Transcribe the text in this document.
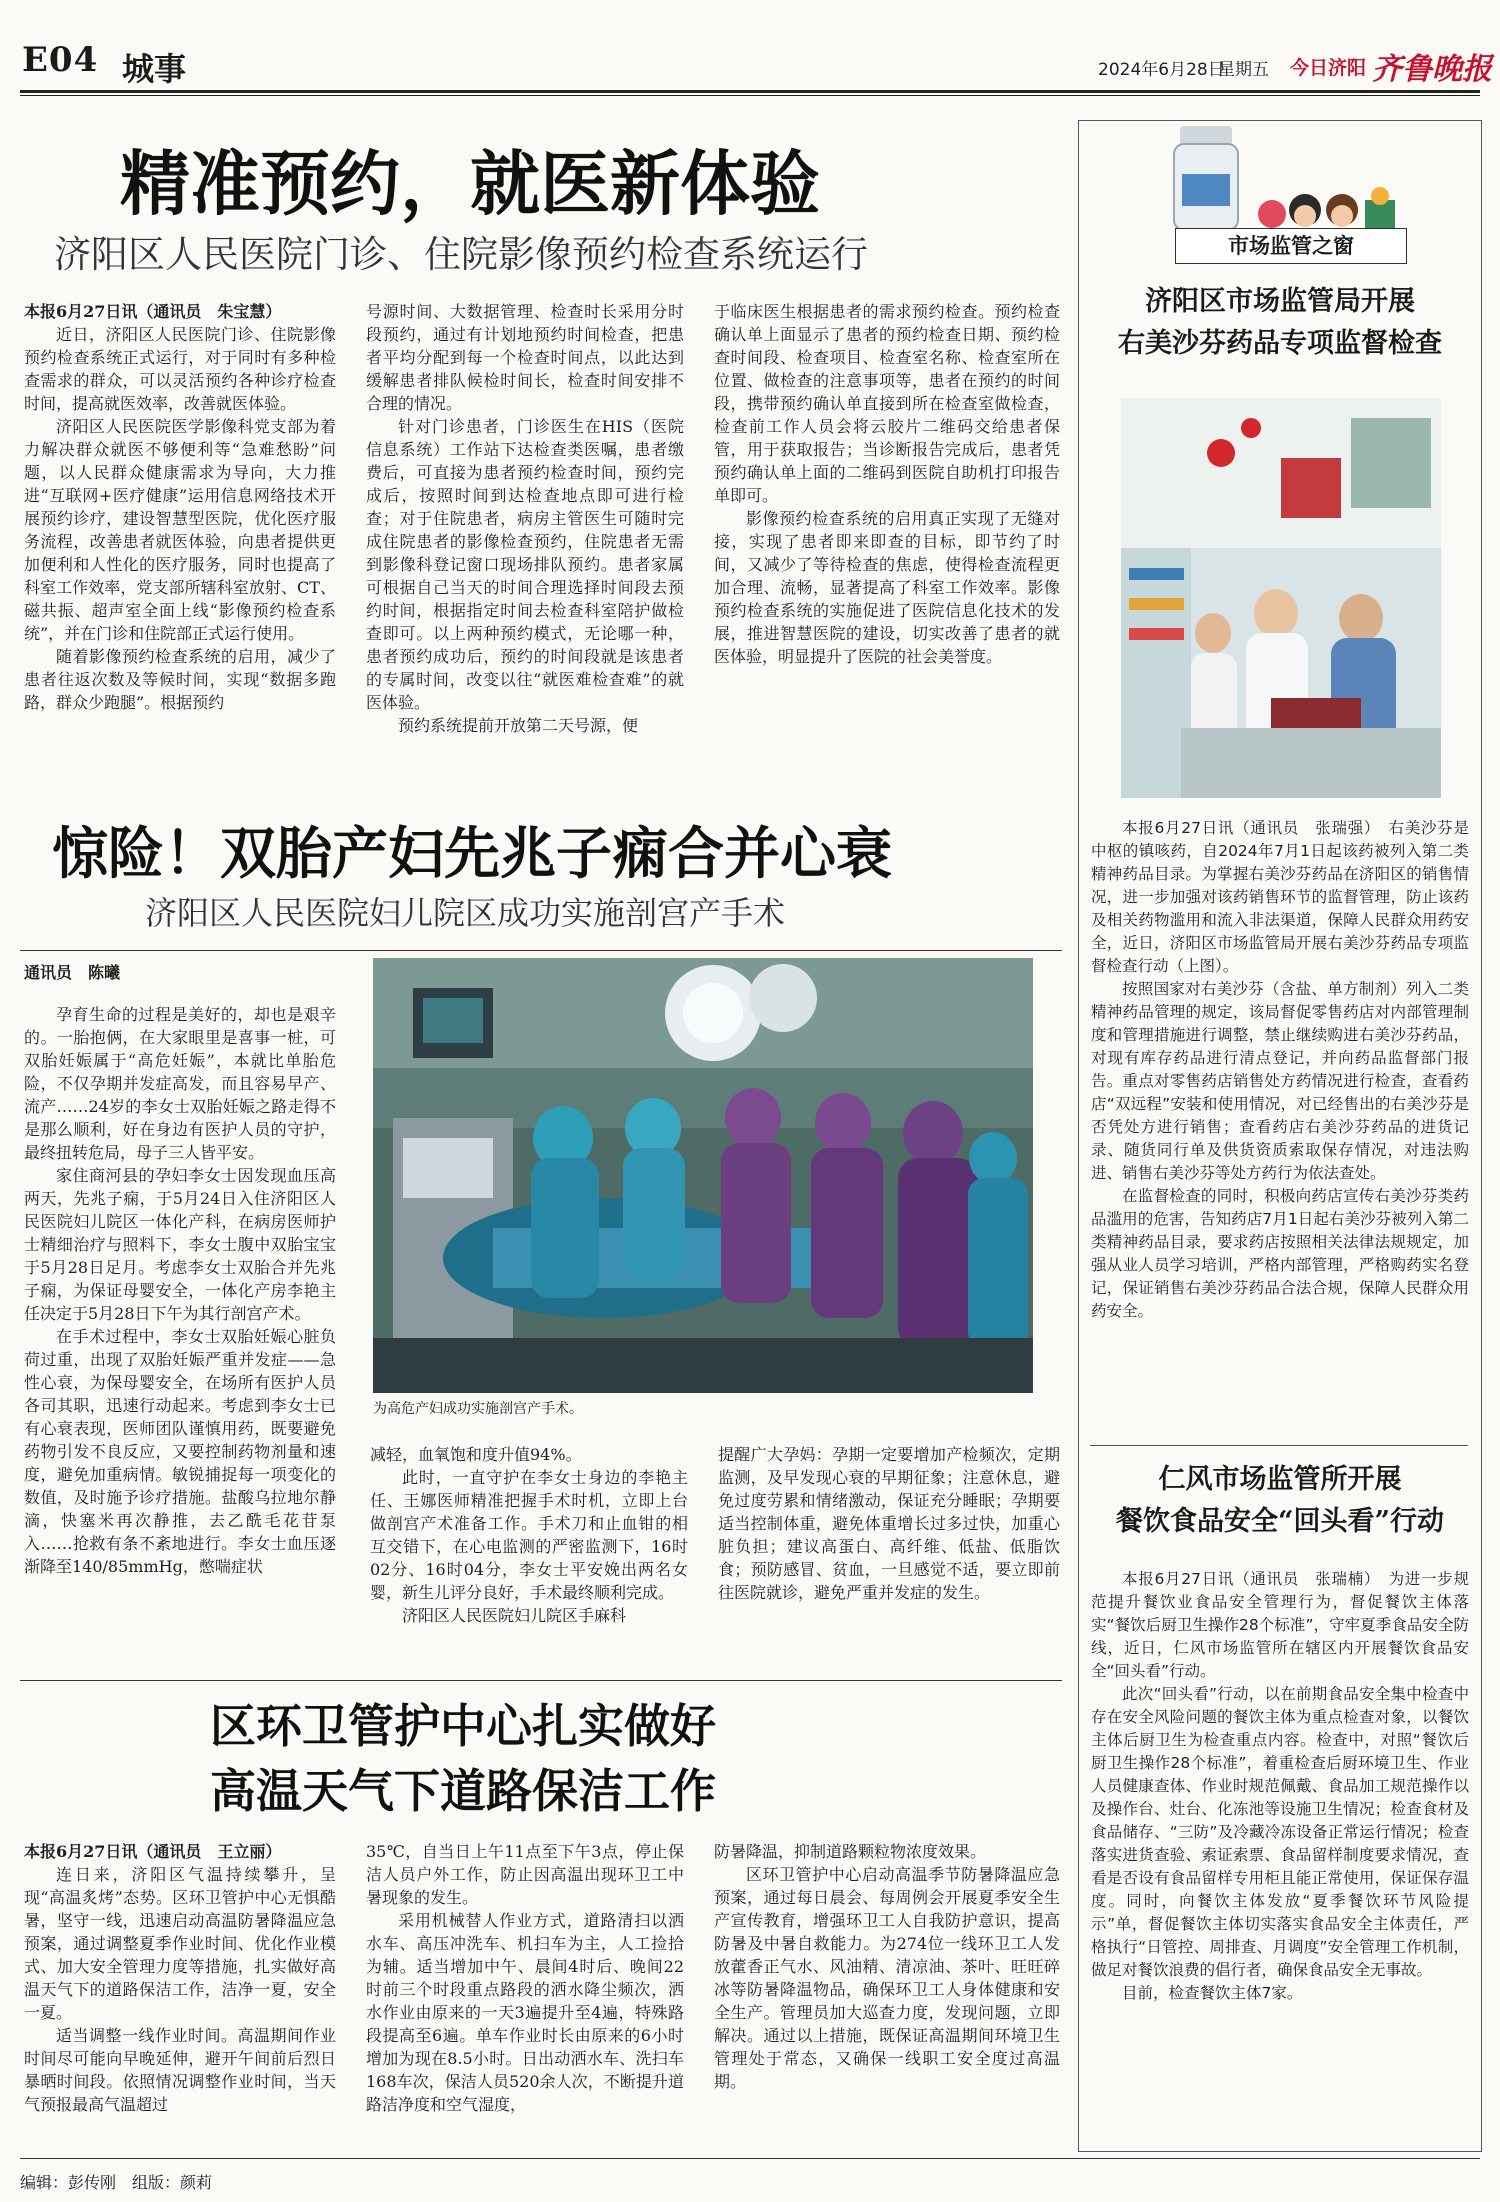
E04 城事	2024年6月28日
星期五 今日济阳 齐鲁晚报
精准预约，就医新体验
济阳区人民医院门诊、住院影像预约检查系统运行

本报6月27日讯（通讯员　朱宝慧）

近日，济阳区人民医院门诊、住院影像预约检查系统正式运行，对于同时有多种检查需求的群众，可以灵活预约各种诊疗检查时间，提高就医效率，改善就医体验。

济阳区人民医院医学影像科党支部为着力解决群众就医不够便利等“急难愁盼”问题，以人民群众健康需求为导向，大力推进“互联网+医疗健康”运用信息网络技术开展预约诊疗，建设智慧型医院，优化医疗服务流程，改善患者就医体验，向患者提供更加便利和人性化的医疗服务，同时也提高了科室工作效率，党支部所辖科室放射、CT、磁共振、超声室全面上线“影像预约检查系统”，并在门诊和住院部正式运行使用。

随着影像预约检查系统的启用，减少了患者往返次数及等候时间，实现“数据多跑路，群众少跑腿”。根据预约

号源时间、大数据管理、检查时长采用分时段预约，通过有计划地预约时间检查，把患者平均分配到每一个检查时间点，以此达到缓解患者排队候检时间长，检查时间安排不合理的情况。

针对门诊患者，门诊医生在HIS（医院信息系统）工作站下达检查类医嘱，患者缴费后，可直接为患者预约检查时间，预约完成后，按照时间到达检查地点即可进行检查；对于住院患者，病房主管医生可随时完成住院患者的影像检查预约，住院患者无需到影像科登记窗口现场排队预约。患者家属可根据自己当天的时间合理选择时间段去预约时间，根据指定时间去检查科室陪护做检查即可。以上两种预约模式，无论哪一种，患者预约成功后，预约的时间段就是该患者的专属时间，改变以往“就医难检查难”的就医体验。

预约系统提前开放第二天号源，便

于临床医生根据患者的需求预约检查。预约检查确认单上面显示了患者的预约检查日期、预约检查时间段、检查项目、检查室名称、检查室所在位置、做检查的注意事项等，患者在预约的时间段，携带预约确认单直接到所在检查室做检查，检查前工作人员会将云胶片二维码交给患者保管，用于获取报告；当诊断报告完成后，患者凭预约确认单上面的二维码到医院自助机打印报告单即可。

影像预约检查系统的启用真正实现了无缝对接，实现了患者即来即查的目标，即节约了时间，又减少了等待检查的焦虑，使得检查流程更加合理、流畅，显著提高了科室工作效率。影像预约检查系统的实施促进了医院信息化技术的发展，推进智慧医院的建设，切实改善了患者的就医体验，明显提升了医院的社会美誉度。

惊险！双胎产妇先兆子痫合并心衰
济阳区人民医院妇儿院区成功实施剖宫产手术
通讯员　陈曦

孕育生命的过程是美好的，却也是艰辛的。一胎抱俩，在大家眼里是喜事一桩，可双胎妊娠属于“高危妊娠”，本就比单胎危险，不仅孕期并发症高发，而且容易早产、流产……24岁的李女士双胎妊娠之路走得不是那么顺利，好在身边有医护人员的守护，最终扭转危局，母子三人皆平安。

家住商河县的孕妇李女士因发现血压高两天，先兆子痫，于5月24日入住济阳区人民医院妇儿院区一体化产科，在病房医师护士精细治疗与照料下，李女士腹中双胎宝宝于5月28日足月。考虑李女士双胎合并先兆子痫，为保证母婴安全，一体化产房李艳主任决定于5月28日下午为其行剖宫产术。

在手术过程中，李女士双胎妊娠心脏负荷过重，出现了双胎妊娠严重并发症——急性心衰，为保母婴安全，在场所有医护人员各司其职，迅速行动起来。考虑到李女士已有心衰表现，医师团队谨慎用药，既要避免药物引发不良反应，又要控制药物剂量和速度，避免加重病情。敏锐捕捉每一项变化的数值，及时施予诊疗措施。盐酸乌拉地尔静滴，快塞米再次静推，去乙酰毛花苷泵入……抢救有条不紊地进行。李女士血压逐渐降至140/85mmHg，憋喘症状

为高危产妇成功实施剖宫产手术。

减轻，血氧饱和度升值94%。

此时，一直守护在李女士身边的李艳主任、王娜医师精准把握手术时机，立即上台做剖宫产术准备工作。手术刀和止血钳的相互交错下，在心电监测的严密监测下，16时02分、16时04分，李女士平安娩出两名女婴，新生儿评分良好，手术最终顺利完成。

济阳区人民医院妇儿院区手麻科

提醒广大孕妈：孕期一定要增加产检频次，定期监测，及早发现心衰的早期征象；注意休息，避免过度劳累和情绪激动，保证充分睡眠；孕期要适当控制体重，避免体重增长过多过快，加重心脏负担；建议高蛋白、高纤维、低盐、低脂饮食；预防感冒、贫血，一旦感觉不适，要立即前往医院就诊，避免严重并发症的发生。

区环卫管护中心扎实做好
高温天气下道路保洁工作

本报6月27日讯（通讯员　王立丽）

连日来，济阳区气温持续攀升，呈现“高温炙烤”态势。区环卫管护中心无惧酷暑，坚守一线，迅速启动高温防暑降温应急预案，通过调整夏季作业时间、优化作业模式、加大安全管理力度等措施，扎实做好高温天气下的道路保洁工作，洁净一夏，安全一夏。

适当调整一线作业时间。高温期间作业时间尽可能向早晚延伸，避开午间前后烈日暴晒时间段。依照情况调整作业时间，当天气预报最高气温超过

35℃，自当日上午11点至下午3点，停止保洁人员户外工作，防止因高温出现环卫工中暑现象的发生。

采用机械替人作业方式，道路清扫以洒水车、高压冲洗车、机扫车为主，人工捡拾为辅。适当增加中午、晨间4时后、晚间22时前三个时段重点路段的洒水降尘频次，洒水作业由原来的一天3遍提升至4遍，特殊路段提高至6遍。单车作业时长由原来的6小时增加为现在8.5小时。日出动洒水车、洗扫车168车次，保洁人员520余人次，不断提升道路洁净度和空气湿度，

防暑降温，抑制道路颗粒物浓度效果。

区环卫管护中心启动高温季节防暑降温应急预案，通过每日晨会、每周例会开展夏季安全生产宣传教育，增强环卫工人自我防护意识，提高防暑及中暑自救能力。为274位一线环卫工人发放藿香正气水、风油精、清凉油、茶叶、旺旺碎冰等防暑降温物品，确保环卫工人身体健康和安全生产。管理员加大巡查力度，发现问题，立即解决。通过以上措施，既保证高温期间环境卫生管理处于常态，又确保一线职工安全度过高温期。

市场监管之窗
济阳区市场监管局开展
右美沙芬药品专项监督检查

本报6月27日讯（通讯员　张瑞强）　右美沙芬是中枢的镇咳药，自2024年7月1日起该药被列入第二类精神药品目录。为掌握右美沙芬药品在济阳区的销售情况，进一步加强对该药销售环节的监督管理，防止该药及相关药物滥用和流入非法渠道，保障人民群众用药安全，近日，济阳区市场监管局开展右美沙芬药品专项监督检查行动（上图）。

按照国家对右美沙芬（含盐、单方制剂）列入二类精神药品管理的规定，该局督促零售药店对内部管理制度和管理措施进行调整，禁止继续购进右美沙芬药品，对现有库存药品进行清点登记，并向药品监督部门报告。重点对零售药店销售处方药情况进行检查，查看药店“双远程”安装和使用情况，对已经售出的右美沙芬是否凭处方进行销售；查看药店右美沙芬药品的进货记录、随货同行单及供货资质索取保存情况，对违法购进、销售右美沙芬等处方药行为依法查处。

在监督检查的同时，积极向药店宣传右美沙芬类药品滥用的危害，告知药店7月1日起右美沙芬被列入第二类精神药品目录，要求药店按照相关法律法规规定，加强从业人员学习培训，严格内部管理，严格购药实名登记，保证销售右美沙芬药品合法合规，保障人民群众用药安全。

仁风市场监管所开展
餐饮食品安全“回头看”行动

本报6月27日讯（通讯员　张瑞楠）　为进一步规范提升餐饮业食品安全管理行为，督促餐饮主体落实“餐饮后厨卫生操作28个标准”，守牢夏季食品安全防线，近日，仁风市场监管所在辖区内开展餐饮食品安全“回头看”行动。

此次“回头看”行动，以在前期食品安全集中检查中存在安全风险问题的餐饮主体为重点检查对象，以餐饮主体后厨卫生为检查重点内容。检查中，对照“餐饮后厨卫生操作28个标准”，着重检查后厨环境卫生、作业人员健康查体、作业时规范佩戴、食品加工规范操作以及操作台、灶台、化冻池等设施卫生情况；检查食材及食品储存、“三防”及冷藏冷冻设备正常运行情况；检查落实进货查验、索证索票、食品留样制度要求情况，查看是否设有食品留样专用柜且能正常使用，保证保存温度。同时，向餐饮主体发放“夏季餐饮环节风险提示”单，督促餐饮主体切实落实食品安全主体责任，严格执行“日管控、周排查、月调度”安全管理工作机制，做足对餐饮浪费的倡行者，确保食品安全无事故。

目前，检查餐饮主体7家。

编辑：彭传刚　组版：颜莉
